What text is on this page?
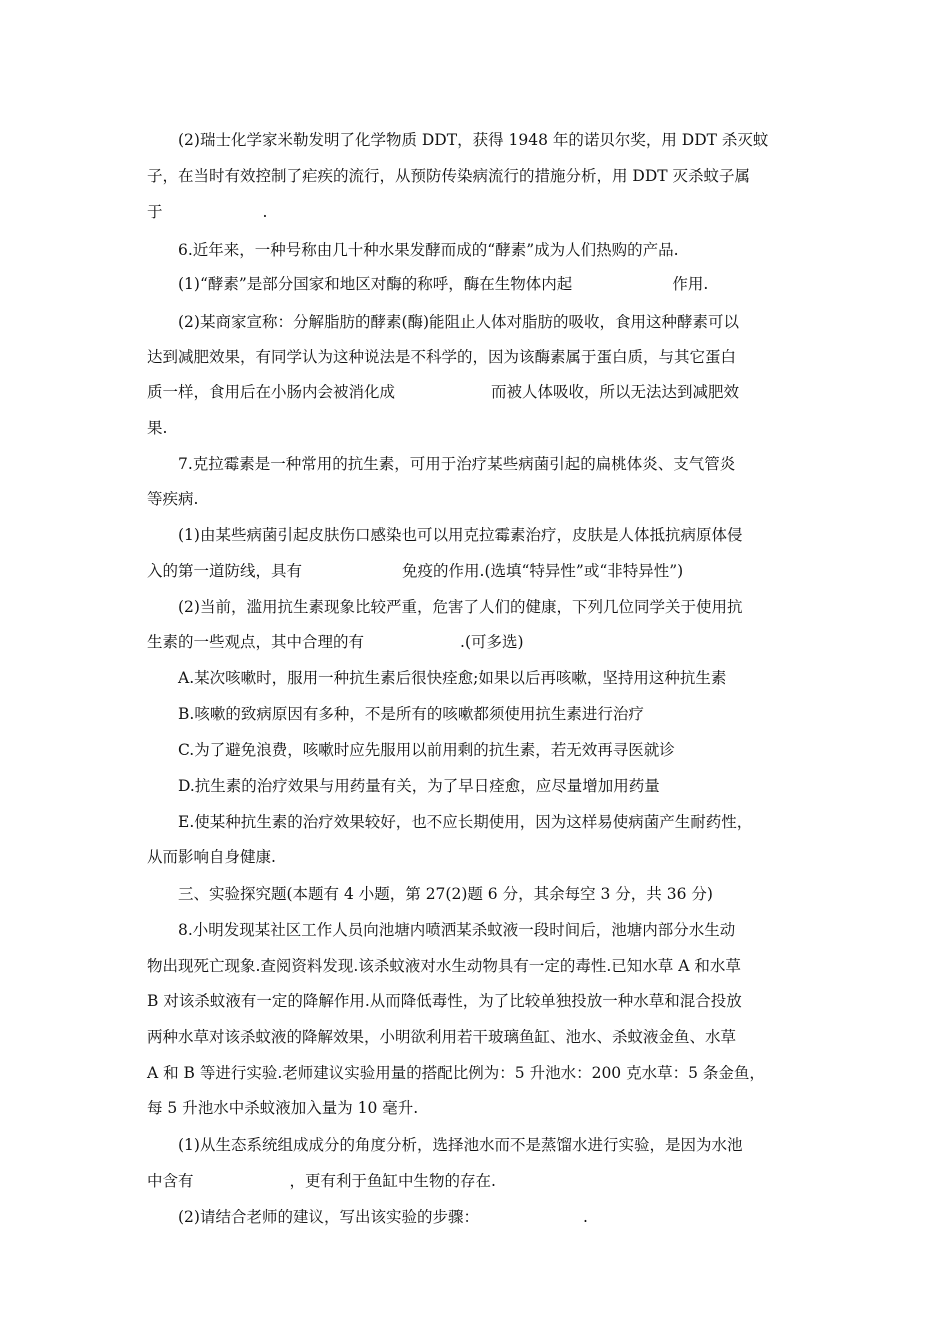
(2)瑞士化学家米勒发明了化学物质 DDT，获得 1948 年的诺贝尔奖，用 DDT 杀灭蚊
子，在当时有效控制了疟疾的流行，从预防传染病流行的措施分析，用 DDT 灭杀蚊子属
于	.
6.近年来，一种号称由几十种水果发酵而成的“酵素”成为人们热购的产品.
(1)“酵素”是部分国家和地区对酶的称呼，酶在生物体内起	作用.
(2)某商家宣称：分解脂肪的酵素(酶)能阻止人体对脂肪的吸收，食用这种酵素可以
达到减肥效果，有同学认为这种说法是不科学的，因为该酶素属于蛋白质，与其它蛋白
质一样，食用后在小肠内会被消化成	而被人体吸收，所以无法达到减肥效
果.
7.克拉霉素是一种常用的抗生素，可用于治疗某些病菌引起的扁桃体炎、支气管炎
等疾病.
(1)由某些病菌引起皮肤伤口感染也可以用克拉霉素治疗，皮肤是人体抵抗病原体侵
入的第一道防线，具有	免疫的作用.(选填“特异性”或“非特异性”)
(2)当前，滥用抗生素现象比较严重，危害了人们的健康，下列几位同学关于使用抗
生素的一些观点，其中合理的有	.(可多选)
A.某次咳嗽时，服用一种抗生素后很快痊愈;如果以后再咳嗽，坚持用这种抗生素
B.咳嗽的致病原因有多种，不是所有的咳嗽都须使用抗生素进行治疗
C.为了避免浪费，咳嗽时应先服用以前用剩的抗生素，若无效再寻医就诊
D.抗生素的治疗效果与用药量有关，为了早日痊愈，应尽量增加用药量
E.使某种抗生素的治疗效果较好，也不应长期使用，因为这样易使病菌产生耐药性，
从而影响自身健康.
三、实验探究题(本题有 4 小题，第 27(2)题 6 分，其余每空 3 分，共 36 分)
8.小明发现某社区工作人员向池塘内喷洒某杀蚊液一段时间后，池塘内部分水生动
物出现死亡现象.查阅资料发现.该杀蚊液对水生动物具有一定的毒性.已知水草 A 和水草
B 对该杀蚊液有一定的降解作用.从而降低毒性，为了比较单独投放一种水草和混合投放
两种水草对该杀蚊液的降解效果，小明欲利用若干玻璃鱼缸、池水、杀蚊液金鱼、水草
A 和 B 等进行实验.老师建议实验用量的搭配比例为：5 升池水：200 克水草：5 条金鱼，
每 5 升池水中杀蚊液加入量为 10 毫升.
(1)从生态系统组成成分的角度分析，选择池水而不是蒸馏水进行实验，是因为水池
中含有	，更有利于鱼缸中生物的存在.
(2)请结合老师的建议，写出该实验的步骤：	.
